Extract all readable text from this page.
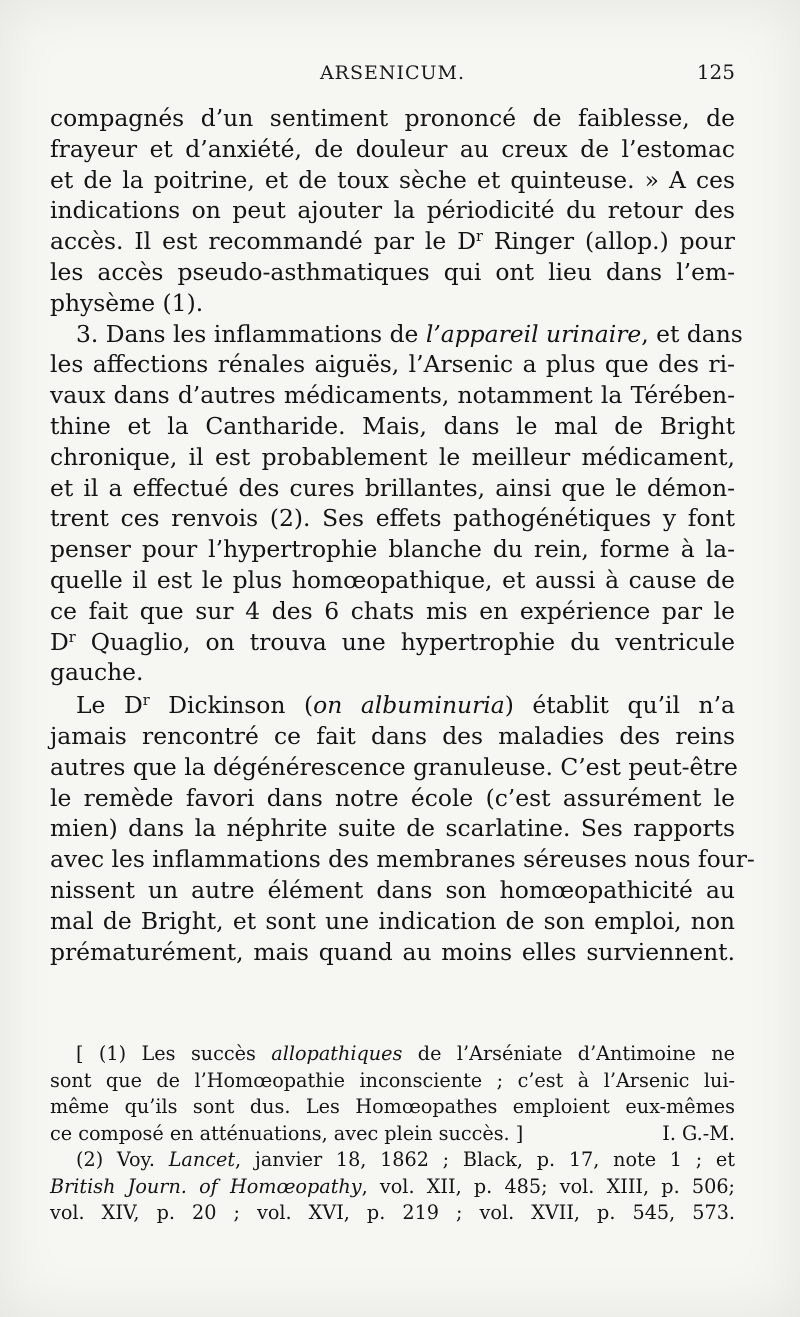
ARSENICUM.	125
compagnés d’un sentiment prononcé de faiblesse, de
frayeur et d’anxiété, de douleur au creux de l’estomac
et de la poitrine, et de toux sèche et quinteuse. » A ces
indications on peut ajouter la périodicité du retour des
accès. Il est recommandé par le $D^r$ Ringer (allop.) pour
les accès pseudo-asthmatiques qui ont lieu dans l’em-
physème (1).
3. Dans les inflammations de l’appareil urinaire, et dans
les affections rénales aiguës, l’Arsenic a plus que des ri-
vaux dans d’autres médicaments, notamment la Térében-
thine et la Cantharide. Mais, dans le mal de Bright
chronique, il est probablement le meilleur médicament,
et il a effectué des cures brillantes, ainsi que le démon-
trent ces renvois (2). Ses effets pathogénétiques y font
penser pour l’hypertrophie blanche du rein, forme à la-
quelle il est le plus homœopathique, et aussi à cause de
ce fait que sur 4 des 6 chats mis en expérience par le
$D^r$ Quaglio, on trouva une hypertrophie du ventricule
gauche.
Le $D^r$ Dickinson (on albuminuria) établit qu’il n’a
jamais rencontré ce fait dans des maladies des reins
autres que la dégénérescence granuleuse. C’est peut-être
le remède favori dans notre école (c’est assurément le
mien) dans la néphrite suite de scarlatine. Ses rapports
avec les inflammations des membranes séreuses nous four-
nissent un autre élément dans son homœopathicité au
mal de Bright, et sont une indication de son emploi, non
prématurément, mais quand au moins elles surviennent.
[ (1) Les succès allopathiques de l’Arséniate d’Antimoine ne
sont que de l’Homœopathie inconsciente ; c’est à l’Arsenic lui-
même qu’ils sont dus. Les Homœopathes emploient eux-mêmes
ce composé en atténuations, avec plein succès. ]	I. G.-M.
(2) Voy. Lancet, janvier 18, 1862 ; Black, p. 17, note 1 ; et
British Journ. of Homœopathy, vol. XII, p. 485; vol. XIII, p. 506;
vol. XIV, p. 20 ; vol. XVI, p. 219 ; vol. XVII, p. 545, 573.
